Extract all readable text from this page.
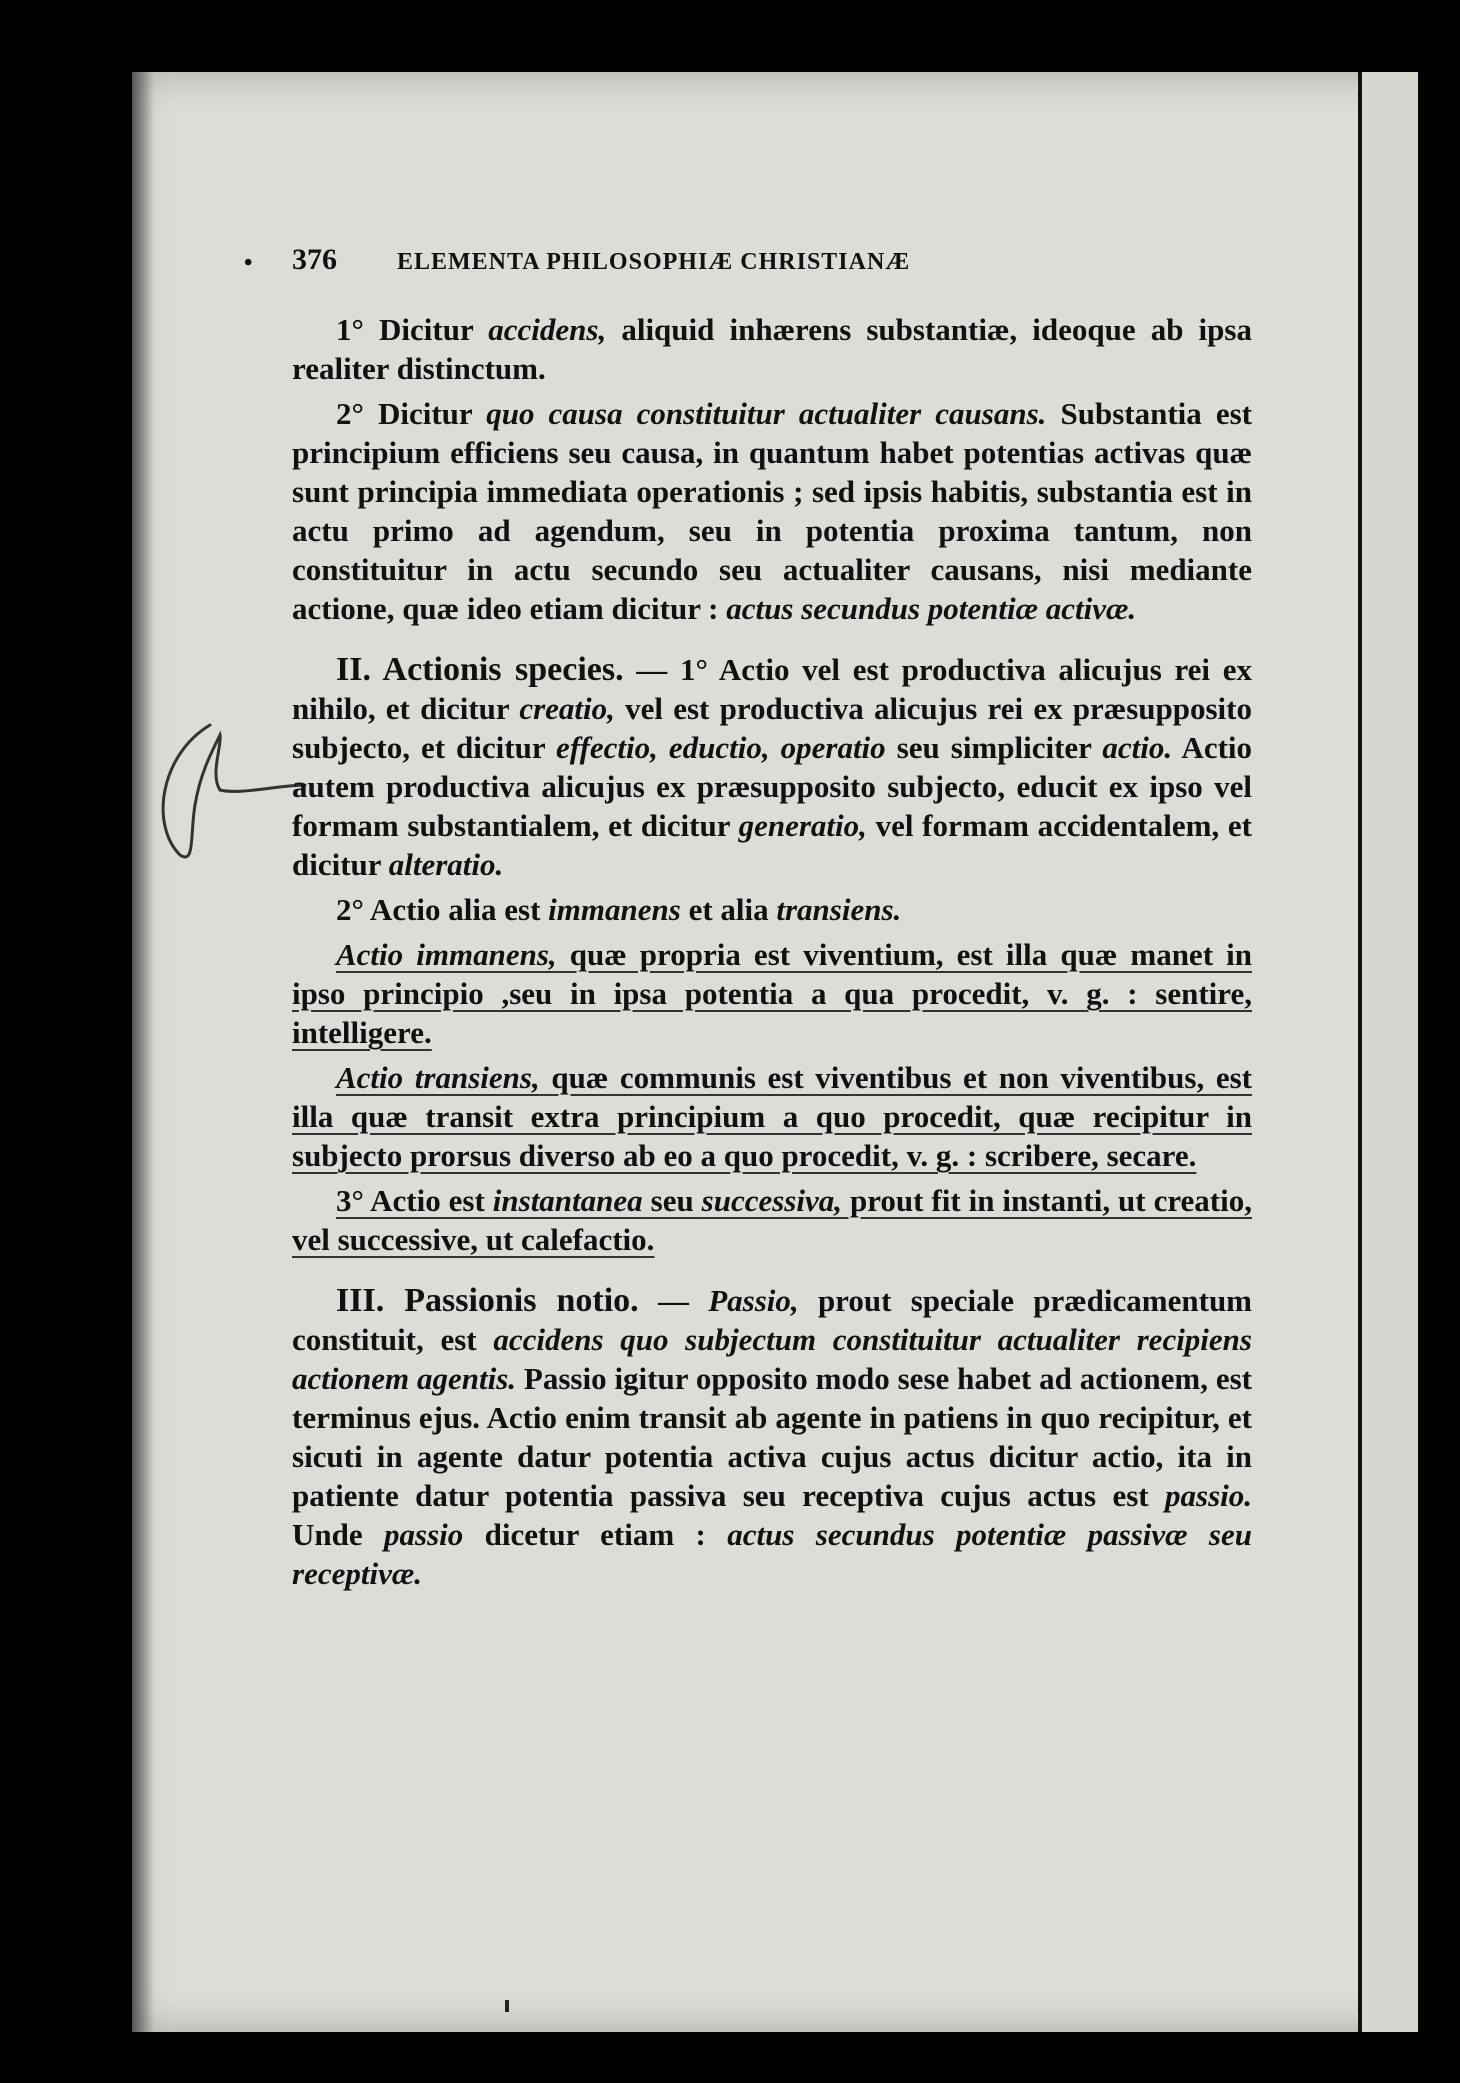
• 376	ELEMENTA PHILOSOPHIÆ CHRISTIANÆ

1° Dicitur accidens, aliquid inhærens substantiæ, ideoque ab ipsa realiter distinctum.

2° Dicitur quo causa constituitur actualiter causans. Substantia est principium efficiens seu causa, in quantum habet potentias activas quæ sunt principia immediata operationis ; sed ipsis habitis, substantia est in actu primo ad agendum, seu in potentia proxima tantum, non constituitur in actu secundo seu actualiter causans, nisi mediante actione, quæ ideo etiam dicitur : actus secundus potentiæ activæ.

II. Actionis species. — 1° Actio vel est productiva alicujus rei ex nihilo, et dicitur creatio, vel est productiva alicujus rei ex præsupposito subjecto, et dicitur effectio, eductio, operatio seu simpliciter actio. Actio autem productiva alicujus ex præsupposito subjecto, educit ex ipso vel formam substantialem, et dicitur generatio, vel formam accidentalem, et dicitur alteratio.

2° Actio alia est immanens et alia transiens.

Actio immanens, quæ propria est viventium, est illa quæ manet in ipso principio ,seu in ipsa potentia a qua procedit, v. g. : sentire, intelligere.

Actio transiens, quæ communis est viventibus et non viventibus, est illa quæ transit extra principium a quo procedit, quæ recipitur in subjecto prorsus diverso ab eo a quo procedit, v. g. : scribere, secare.

3° Actio est instantanea seu successiva, prout fit in instanti, ut creatio, vel successive, ut calefactio.

III. Passionis notio. — Passio, prout speciale prædicamentum constituit, est accidens quo subjectum constituitur actualiter recipiens actionem agentis. Passio igitur opposito modo sese habet ad actionem, est terminus ejus. Actio enim transit ab agente in patiens in quo recipitur, et sicuti in agente datur potentia activa cujus actus dicitur actio, ita in patiente datur potentia passiva seu receptiva cujus actus est passio. Unde passio dicetur etiam : actus secundus potentiæ passivæ seu receptivæ.
